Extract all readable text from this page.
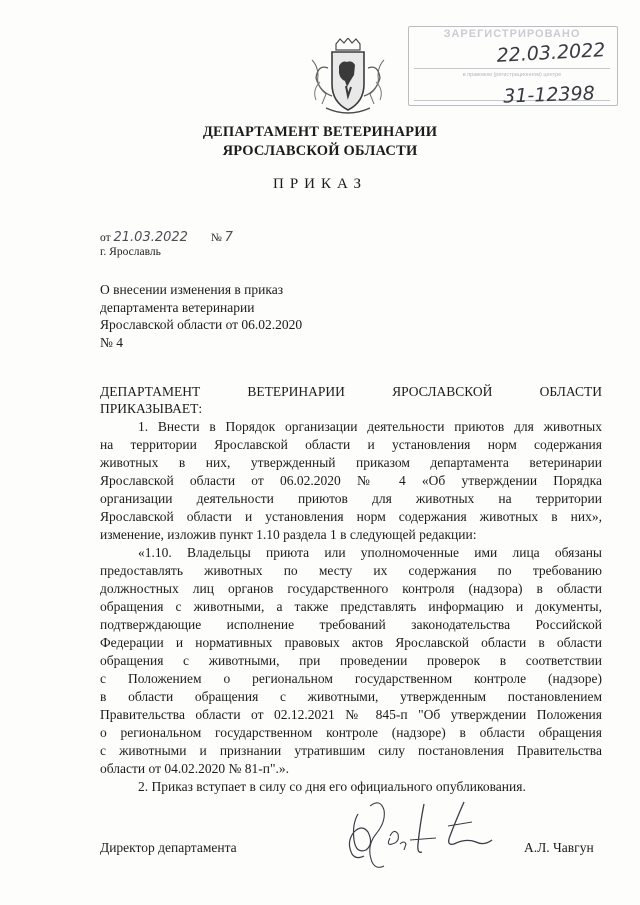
ЗАРЕГИСТРИРОВАНО
в правовом (регистрационном) центре
22.03.2022
31-12398
ДЕПАРТАМЕНТ ВЕТЕРИНАРИИ
ЯРОСЛАВСКОЙ ОБЛАСТИ
ПРИКАЗ
от 21.03.2022 № 7
г. Ярославль
О внесении изменения в приказ
департамента ветеринарии
Ярославской области от 06.02.2020
№ 4
ДЕПАРТАМЕНТ ВЕТЕРИНАРИИ ЯРОСЛАВСКОЙ ОБЛАСТИ
ПРИКАЗЫВАЕТ:
1. Внести в Порядок организации деятельности приютов для животных
на территории Ярославской области и установления норм содержания
животных в них, утвержденный приказом департамента ветеринарии
Ярославской области от 06.02.2020 № 4 «Об утверждении Порядка
организации деятельности приютов для животных на территории
Ярославской области и установления норм содержания животных в них»,
изменение, изложив пункт 1.10 раздела 1 в следующей редакции:
«1.10. Владельцы приюта или уполномоченные ими лица обязаны
предоставлять животных по месту их содержания по требованию
должностных лиц органов государственного контроля (надзора) в области
обращения с животными, а также представлять информацию и документы,
подтверждающие исполнение требований законодательства Российской
Федерации и нормативных правовых актов Ярославской области в области
обращения с животными, при проведении проверок в соответствии
с Положением о региональном государственном контроле (надзоре)
в области обращения с животными, утвержденным постановлением
Правительства области от 02.12.2021 № 845-п "Об утверждении Положения
о региональном государственном контроле (надзоре) в области обращения
с животными и признании утратившим силу постановления Правительства
области от 04.02.2020 № 81-п".».
2. Приказ вступает в силу со дня его официального опубликования.
Директор департамента	А.Л. Чавгун
